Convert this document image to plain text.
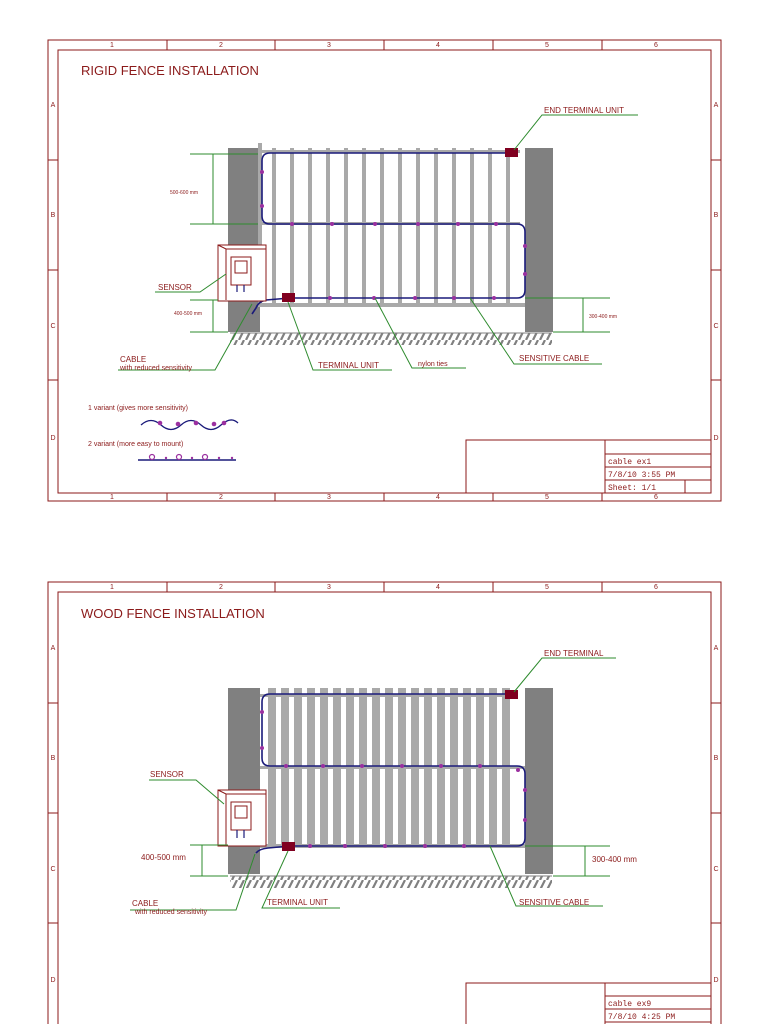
1	2	3	4	5	6
1	2	3	4	5	6
A
B
C
D
A
B
C
D
RIGID FENCE INSTALLATION
500-600 mm
400-500 mm	300-400 mm
END TERMINAL UNIT
SENSOR
CABLE
with reduced sensitivity	TERMINAL UNIT	nylon ties
SENSITIVE CABLE
1 variant (gives more sensitivity)
2 variant (more easy to mount)
cable ex1
7/8/10 3:55 PM
Sheet: 1/1
1	2	3	4	5	6
A
B
C
D
A
B
C
D
WOOD FENCE INSTALLATION
400-500 mm	300-400 mm
END TERMINAL
SENSOR
CABLE
with reduced sensitivity
TERMINAL UNIT	SENSITIVE CABLE
cable ex9
7/8/10 4:25 PM
